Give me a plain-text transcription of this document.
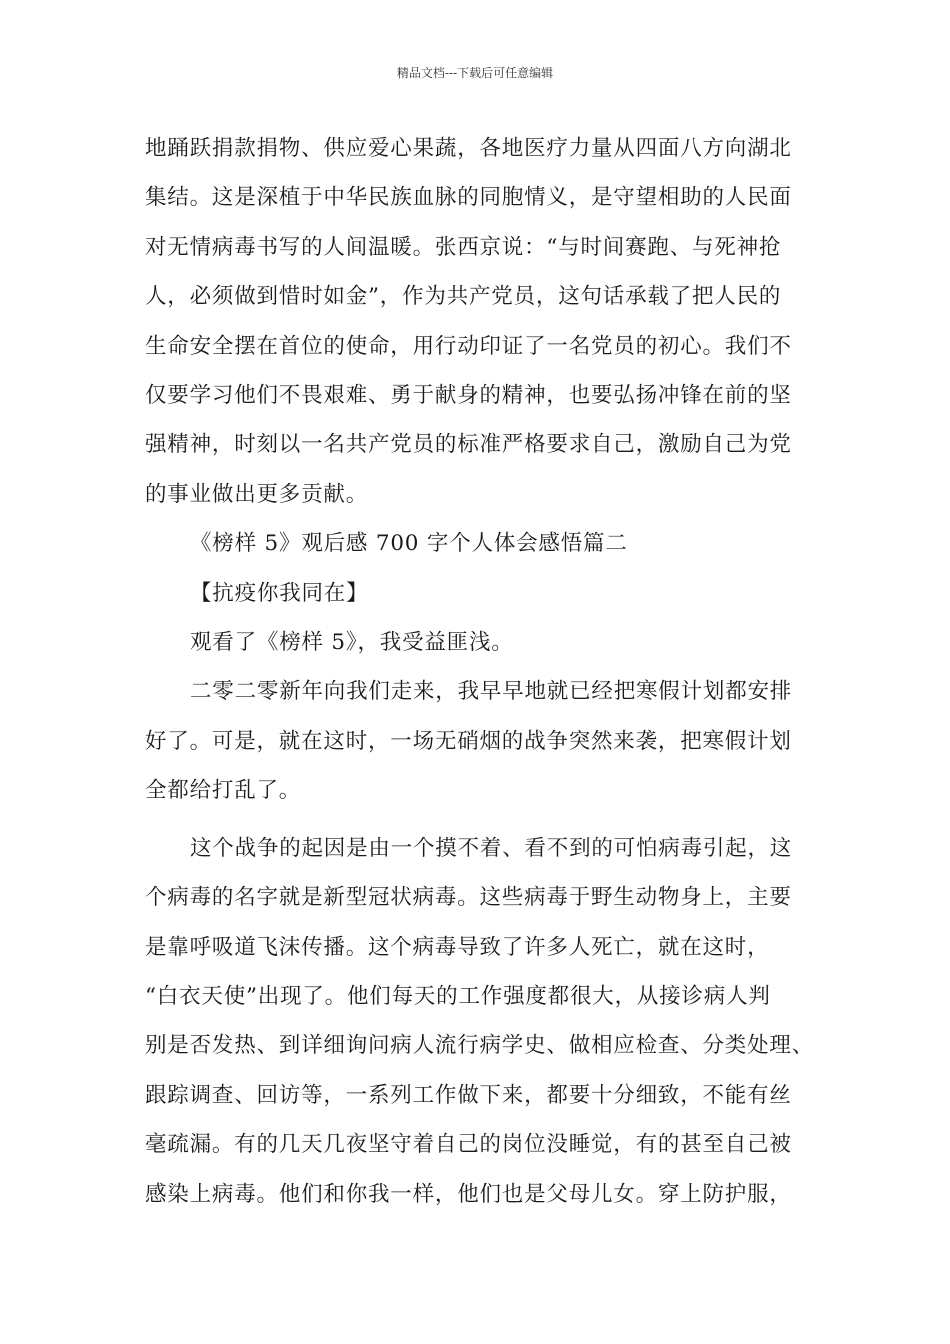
精品文档---下载后可任意编辑

地踊跃捐款捐物、供应爱心果蔬，各地医疗力量从四面八方向湖北
集结。这是深植于中华民族血脉的同胞情义，是守望相助的人民面
对无情病毒书写的人间温暖。张西京说：“与时间赛跑、与死神抢
人，必须做到惜时如金”，作为共产党员，这句话承载了把人民的
生命安全摆在首位的使命，用行动印证了一名党员的初心。我们不
仅要学习他们不畏艰难、勇于献身的精神，也要弘扬冲锋在前的坚
强精神，时刻以一名共产党员的标准严格要求自己，激励自己为党
的事业做出更多贡献。

《榜样 5》观后感 700 字个人体会感悟篇二

【抗疫你我同在】

观看了《榜样 5》，我受益匪浅。

二零二零新年向我们走来，我早早地就已经把寒假计划都安排
好了。可是，就在这时，一场无硝烟的战争突然来袭，把寒假计划
全都给打乱了。

这个战争的起因是由一个摸不着、看不到的可怕病毒引起，这
个病毒的名字就是新型冠状病毒。这些病毒于野生动物身上，主要
是靠呼吸道飞沫传播。这个病毒导致了许多人死亡，就在这时，
“白衣天使”出现了。他们每天的工作强度都很大，从接诊病人判
别是否发热、到详细询问病人流行病学史、做相应检查、分类处理、
跟踪调查、回访等，一系列工作做下来，都要十分细致，不能有丝
毫疏漏。有的几天几夜坚守着自己的岗位没睡觉，有的甚至自己被
感染上病毒。他们和你我一样，他们也是父母儿女。穿上防护服，
